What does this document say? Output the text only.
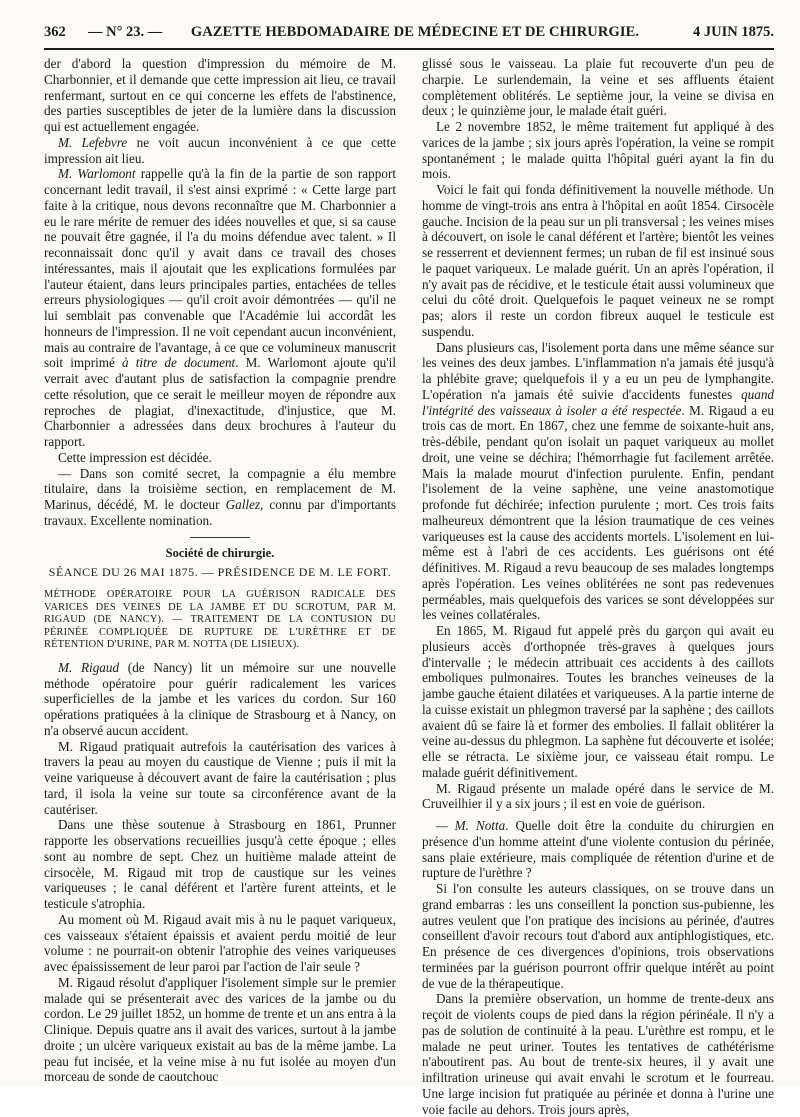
362	— N° 23. —	GAZETTE HEBDOMADAIRE DE MÉDECINE ET DE CHIRURGIE.	4 JUIN 1875.

der d'abord la question d'impression du mémoire de M. Charbonnier, et il demande que cette impression ait lieu, ce travail renfermant, surtout en ce qui concerne les effets de l'abstinence, des parties susceptibles de jeter de la lumière dans la discussion qui est actuellement engagée.

M. Lefebvre ne voit aucun inconvénient à ce que cette impression ait lieu.

M. Warlomont rappelle qu'à la fin de la partie de son rapport concernant ledit travail, il s'est ainsi exprimé : « Cette large part faite à la critique, nous devons reconnaître que M. Charbonnier a eu le rare mérite de remuer des idées nouvelles et que, si sa cause ne pouvait être gagnée, il l'a du moins défendue avec talent. » Il reconnaissait donc qu'il y avait dans ce travail des choses intéressantes, mais il ajoutait que les explications formulées par l'auteur étaient, dans leurs principales parties, entachées de telles erreurs physiologiques — qu'il croit avoir démontrées — qu'il ne lui semblait pas convenable que l'Académie lui accordât les honneurs de l'impression. Il ne voit cependant aucun inconvénient, mais au contraire de l'avantage, à ce que ce volumineux manuscrit soit imprimé à titre de document. M. Warlomont ajoute qu'il verrait avec d'autant plus de satisfaction la compagnie prendre cette résolution, que ce serait le meilleur moyen de répondre aux reproches de plagiat, d'inexactitude, d'injustice, que M. Charbonnier a adressées dans deux brochures à l'auteur du rapport.

Cette impression est décidée.

— Dans son comité secret, la compagnie a élu membre titulaire, dans la troisième section, en remplacement de M. Marinus, décédé, M. le docteur Gallez, connu par d'importants travaux. Excellente nomination.

Société de chirurgie.
SÉANCE DU 26 MAI 1875. — PRÉSIDENCE DE M. LE FORT.
MÉTHODE OPÉRATOIRE POUR LA GUÉRISON RADICALE DES VARICES DES VEINES DE LA JAMBE ET DU SCROTUM, PAR M. RIGAUD (DE NANCY). — TRAITEMENT DE LA CONTUSION DU PÉRINÉE COMPLIQUÉE DE RUPTURE DE L'URÈTHRE ET DE RÉTENTION D'URINE, PAR M. NOTTA (DE LISIEUX).

M. Rigaud (de Nancy) lit un mémoire sur une nouvelle méthode opératoire pour guérir radicalement les varices superficielles de la jambe et les varices du cordon. Sur 160 opérations pratiquées à la clinique de Strasbourg et à Nancy, on n'a observé aucun accident.

M. Rigaud pratiquait autrefois la cautérisation des varices à travers la peau au moyen du caustique de Vienne ; puis il mit la veine variqueuse à découvert avant de faire la cautérisation ; plus tard, il isola la veine sur toute sa circonférence avant de la cautériser.

Dans une thèse soutenue à Strasbourg en 1861, Prunner rapporte les observations recueillies jusqu'à cette époque ; elles sont au nombre de sept. Chez un huitième malade atteint de cirsocèle, M. Rigaud mit trop de caustique sur les veines variqueuses ; le canal déférent et l'artère furent atteints, et le testicule s'atrophia.

Au moment où M. Rigaud avait mis à nu le paquet variqueux, ces vaisseaux s'étaient épaissis et avaient perdu moitié de leur volume : ne pourrait-on obtenir l'atrophie des veines variqueuses avec épaississement de leur paroi par l'action de l'air seule ?

M. Rigaud résolut d'appliquer l'isolement simple sur le premier malade qui se présenterait avec des varices de la jambe ou du cordon. Le 29 juillet 1852, un homme de trente et un ans entra à la Clinique. Depuis quatre ans il avait des varices, surtout à la jambe droite ; un ulcère variqueux existait au bas de la même jambe. La peau fut incisée, et la veine mise à nu fut isolée au moyen d'un morceau de sonde de caoutchouc

glissé sous le vaisseau. La plaie fut recouverte d'un peu de charpie. Le surlendemain, la veine et ses affluents étaient complètement oblitérés. Le septième jour, la veine se divisa en deux ; le quinzième jour, le malade était guéri.

Le 2 novembre 1852, le même traitement fut appliqué à des varices de la jambe ; six jours après l'opération, la veine se rompit spontanément ; le malade quitta l'hôpital guéri ayant la fin du mois.

Voici le fait qui fonda définitivement la nouvelle méthode. Un homme de vingt-trois ans entra à l'hôpital en août 1854. Cirsocèle gauche. Incision de la peau sur un pli transversal ; les veines mises à découvert, on isole le canal déférent et l'artère; bientôt les veines se resserrent et deviennent fermes; un ruban de fil est insinué sous le paquet variqueux. Le malade guérit. Un an après l'opération, il n'y avait pas de récidive, et le testicule était aussi volumineux que celui du côté droit. Quelquefois le paquet veineux ne se rompt pas; alors il reste un cordon fibreux auquel le testicule est suspendu.

Dans plusieurs cas, l'isolement porta dans une même séance sur les veines des deux jambes. L'inflammation n'a jamais été jusqu'à la phlébite grave; quelquefois il y a eu un peu de lymphangite. L'opération n'a jamais été suivie d'accidents funestes quand l'intégrité des vaisseaux à isoler a été respectée. M. Rigaud a eu trois cas de mort. En 1867, chez une femme de soixante-huit ans, très-débile, pendant qu'on isolait un paquet variqueux au mollet droit, une veine se déchira; l'hémorrhagie fut facilement arrêtée. Mais la malade mourut d'infection purulente. Enfin, pendant l'isolement de la veine saphène, une veine anastomotique profonde fut déchirée; infection purulente ; mort. Ces trois faits malheureux démontrent que la lésion traumatique de ces veines variqueuses est la cause des accidents mortels. L'isolement en lui-même est à l'abri de ces accidents. Les guérisons ont été définitives. M. Rigaud a revu beaucoup de ses malades longtemps après l'opération. Les veines oblitérées ne sont pas redevenues perméables, mais quelquefois des varices se sont développées sur les veines collatérales.

En 1865, M. Rigaud fut appelé près du garçon qui avait eu plusieurs accès d'orthopnée très-graves à quelques jours d'intervalle ; le médecin attribuait ces accidents à des caillots emboliques pulmonaires. Toutes les branches veineuses de la jambe gauche étaient dilatées et variqueuses. A la partie interne de la cuisse existait un phlegmon traversé par la saphène ; des caillots avaient dû se faire là et former des embolies. Il fallait oblitérer la veine au-dessus du phlegmon. La saphène fut découverte et isolée; elle se rétracta. Le sixième jour, ce vaisseau était rompu. Le malade guérit définitivement.

M. Rigaud présente un malade opéré dans le service de M. Cruveilhier il y a six jours ; il est en voie de guérison.

— M. Notta. Quelle doit être la conduite du chirurgien en présence d'un homme atteint d'une violente contusion du périnée, sans plaie extérieure, mais compliquée de rétention d'urine et de rupture de l'urèthre ?

Si l'on consulte les auteurs classiques, on se trouve dans un grand embarras : les uns conseillent la ponction sus-pubienne, les autres veulent que l'on pratique des incisions au périnée, d'autres conseillent d'avoir recours tout d'abord aux antiphlogistiques, etc. En présence de ces divergences d'opinions, trois observations terminées par la guérison pourront offrir quelque intérêt au point de vue de la thérapeutique.

Dans la première observation, un homme de trente-deux ans reçoit de violents coups de pied dans la région périnéale. Il n'y a pas de solution de continuité à la peau. L'urèthre est rompu, et le malade ne peut uriner. Toutes les tentatives de cathétérisme n'aboutirent pas. Au bout de trente-six heures, il y avait une infiltration urineuse qui avait envahi le scrotum et le fourreau. Une large incision fut pratiquée au périnée et donna à l'urine une voie facile au dehors. Trois jours après,
